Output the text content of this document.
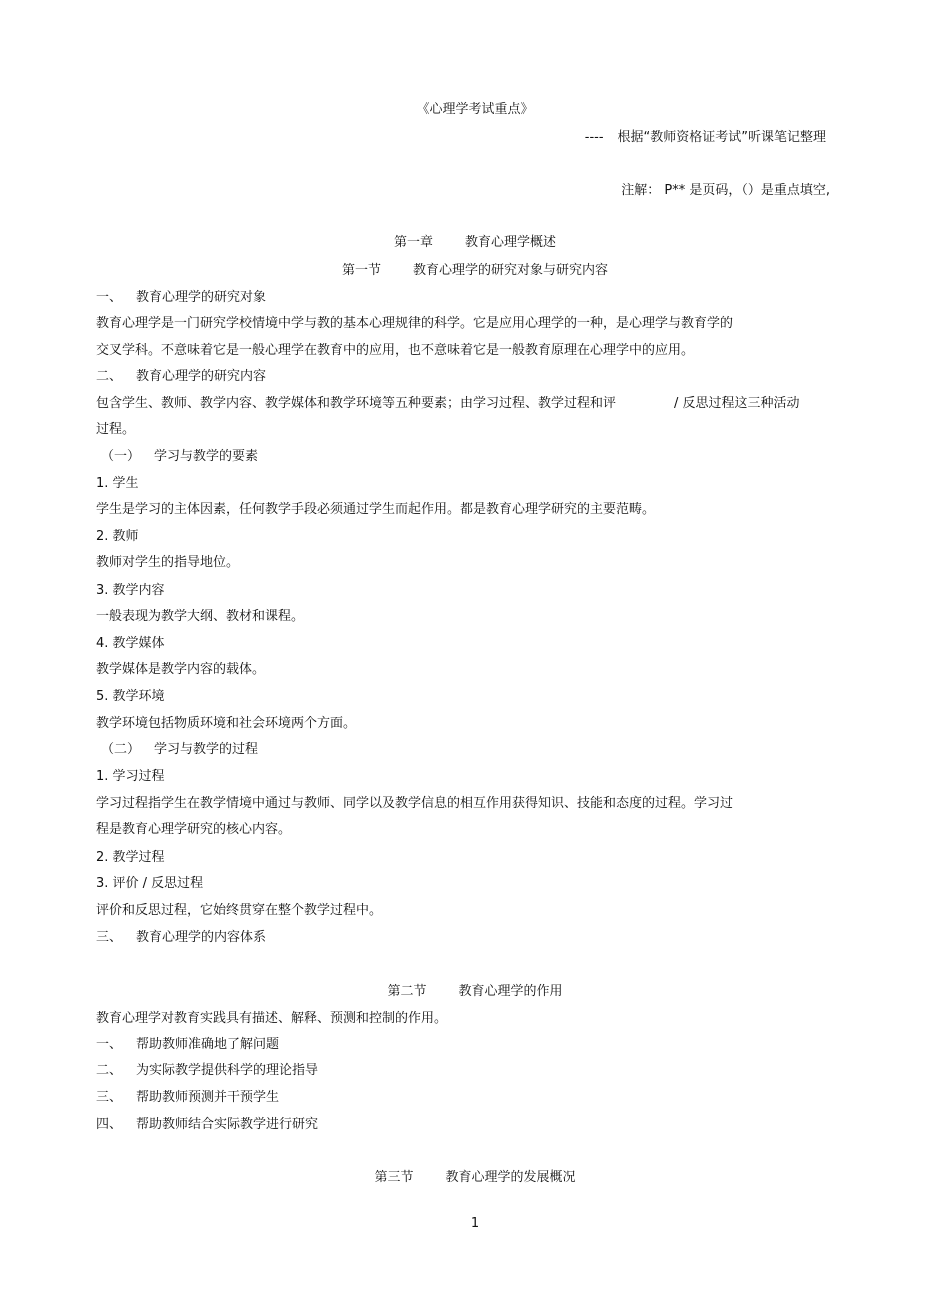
《心理学考试重点》
---- 根据“教师资格证考试”听课笔记整理
注解： P** 是页码，（）是重点填空,
第一章 教育心理学概述
第一节 教育心理学的研究对象与研究内容
一、 教育心理学的研究对象
教育心理学是一门研究学校情境中学与教的基本心理规律的科学。它是应用心理学的一种，是心理学与教育学的
交叉学科。不意味着它是一般心理学在教育中的应用，也不意味着它是一般教育原理在心理学中的应用。
二、 教育心理学的研究内容
包含学生、教师、教学内容、教学媒体和教学环境等五种要素；由学习过程、教学过程和评	/ 反思过程这三种活动
过程。
（一） 学习与教学的要素
1. 学生
学生是学习的主体因素，任何教学手段必须通过学生而起作用。都是教育心理学研究的主要范畴。
2. 教师
教师对学生的指导地位。
3. 教学内容
一般表现为教学大纲、教材和课程。
4. 教学媒体
教学媒体是教学内容的载体。
5. 教学环境
教学环境包括物质环境和社会环境两个方面。
（二） 学习与教学的过程
1. 学习过程
学习过程指学生在教学情境中通过与教师、同学以及教学信息的相互作用获得知识、技能和态度的过程。学习过
程是教育心理学研究的核心内容。
2. 教学过程
3. 评价 / 反思过程
评价和反思过程，它始终贯穿在整个教学过程中。
三、 教育心理学的内容体系
第二节 教育心理学的作用
教育心理学对教育实践具有描述、解释、预测和控制的作用。
一、 帮助教师准确地了解问题
二、 为实际教学提供科学的理论指导
三、 帮助教师预测并干预学生
四、 帮助教师结合实际教学进行研究
第三节 教育心理学的发展概况
1
